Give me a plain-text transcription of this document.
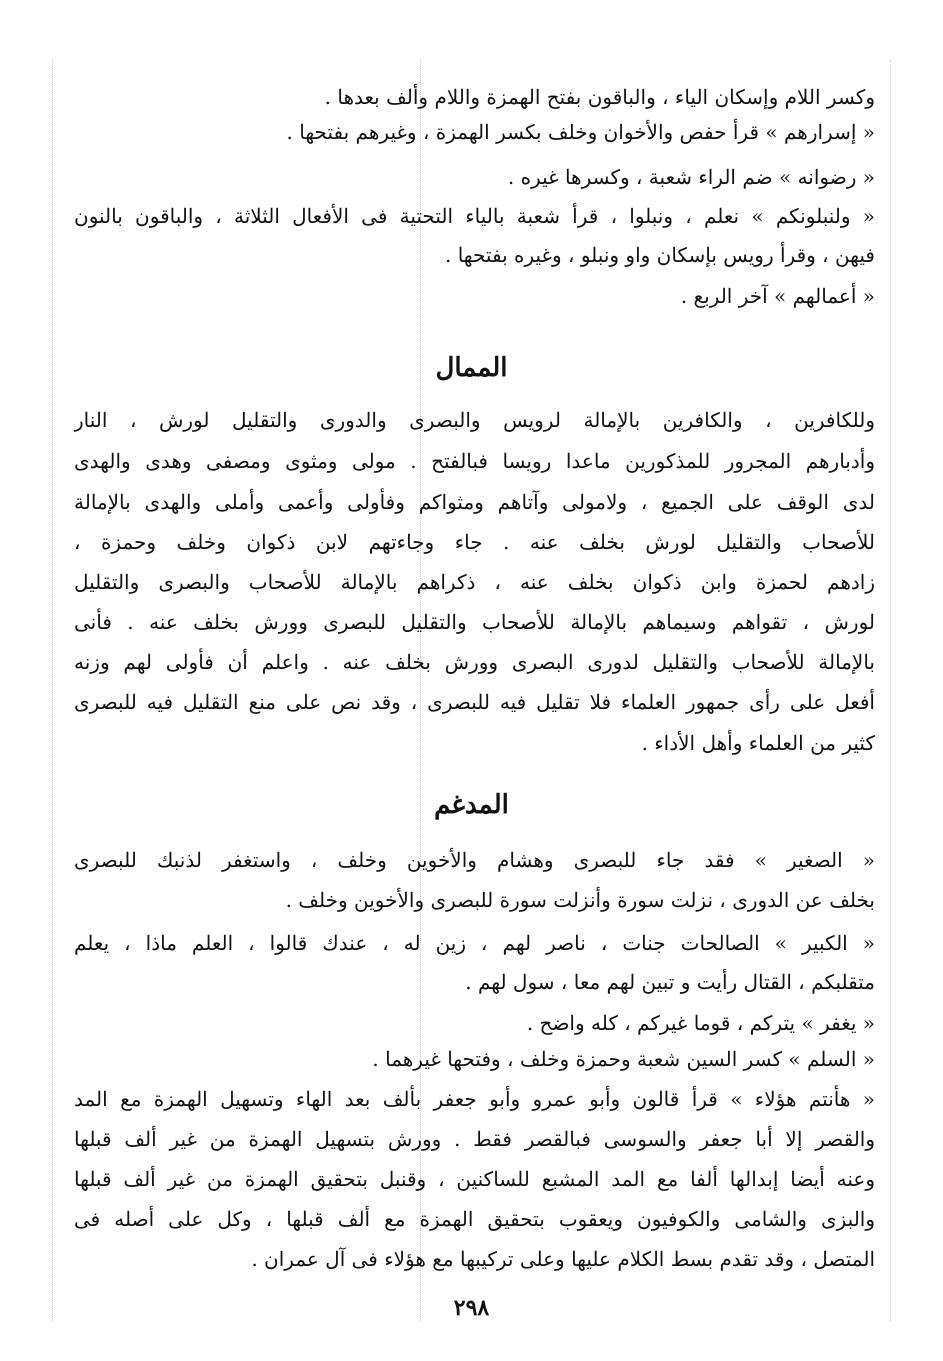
وكسر اللام وإسكان الياء ، والباقون بفتح الهمزة واللام وألف بعدها .
« إسرارهم » قرأ حفص والأخوان وخلف بكسر الهمزة ، وغيرهم بفتحها .
« رضوانه » ضم الراء شعبة ، وكسرها غيره .
« ولنبلونكم » نعلم ، ونبلوا ، قرأ شعبة بالياء التحتية فى الأفعال الثلاثة ، والباقون بالنون
فيهن ، وقرأ رويس بإسكان واو ونبلو ، وغيره بفتحها .
« أعمالهم » آخر الربع .
الممال
وللكافرين ، والكافرين بالإمالة لرويس والبصرى والدورى والتقليل لورش ، النار
وأدبارهم المجرور للمذكورين ماعدا رويسا فبالفتح . مولى ومثوى ومصفى وهدى والهدى
لدى الوقف على الجميع ، ولامولى وآتاهم ومثواكم وفأولى وأعمى وأملى والهدى بالإمالة
للأصحاب والتقليل لورش بخلف عنه . جاء وجاءتهم لابن ذكوان وخلف وحمزة ،
زادهم لحمزة وابن ذكوان بخلف عنه ، ذكراهم بالإمالة للأصحاب والبصرى والتقليل
لورش ، تقواهم وسيماهم بالإمالة للأصحاب والتقليل للبصرى وورش بخلف عنه . فأنى
بالإمالة للأصحاب والتقليل لدورى البصرى وورش بخلف عنه . واعلم أن فأولى لهم وزنه
أفعل على رأى جمهور العلماء فلا تقليل فيه للبصرى ، وقد نص على منع التقليل فيه للبصرى
كثير من العلماء وأهل الأداء .
المدغم
« الصغير » فقد جاء للبصرى وهشام والأخوين وخلف ، واستغفر لذنبك للبصرى
بخلف عن الدورى ، نزلت سورة وأنزلت سورة للبصرى والأخوين وخلف .
« الكبير » الصالحات جنات ، ناصر لهم ، زين له ، عندك قالوا ، العلم ماذا ، يعلم
متقلبكم ، القتال رأيت و تبين لهم معا ، سول لهم .
« يغفر » يتركم ، قوما غيركم ، كله واضح .
« السلم » كسر السين شعبة وحمزة وخلف ، وفتحها غيرهما .
« هأنتم هؤلاء » قرأ قالون وأبو عمرو وأبو جعفر بألف بعد الهاء وتسهيل الهمزة مع المد
والقصر إلا أبا جعفر والسوسى فبالقصر فقط . وورش بتسهيل الهمزة من غير ألف قبلها
وعنه أيضا إبدالها ألفا مع المد المشبع للساكنين ، وقنبل بتحقيق الهمزة من غير ألف قبلها
والبزى والشامى والكوفيون ويعقوب بتحقيق الهمزة مع ألف قبلها ، وكل على أصله فى
المتصل ، وقد تقدم بسط الكلام عليها وعلى تركيبها مع هؤلاء فى آل عمران .
٢٩٨
